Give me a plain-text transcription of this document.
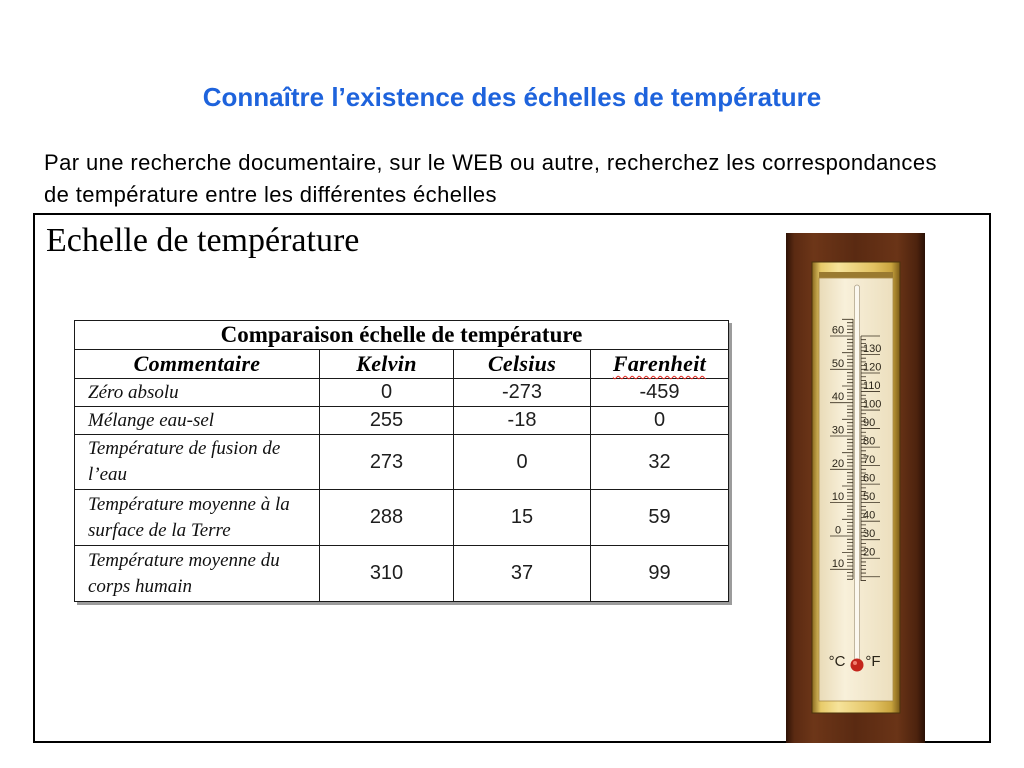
Connaître l’existence des échelles de température
Par une recherche documentaire, sur le WEB ou autre, recherchez les correspondances
de température entre les différentes échelles
Echelle de température
Comparaison échelle de température			
Commentaire	Kelvin	Celsius	Farenheit
Zéro absolu	0	-273	-459
Mélange eau-sel	255	-18	0
Température de fusion de l’eau	273	0	32
Température moyenne à la surface de la Terre	288	15	59
Température moyenne du corps humain	310	37	99
60
50
40
30
20
10
0
10
130
120
110
100
90
80
70
60
50
40
30
20
°C °F
